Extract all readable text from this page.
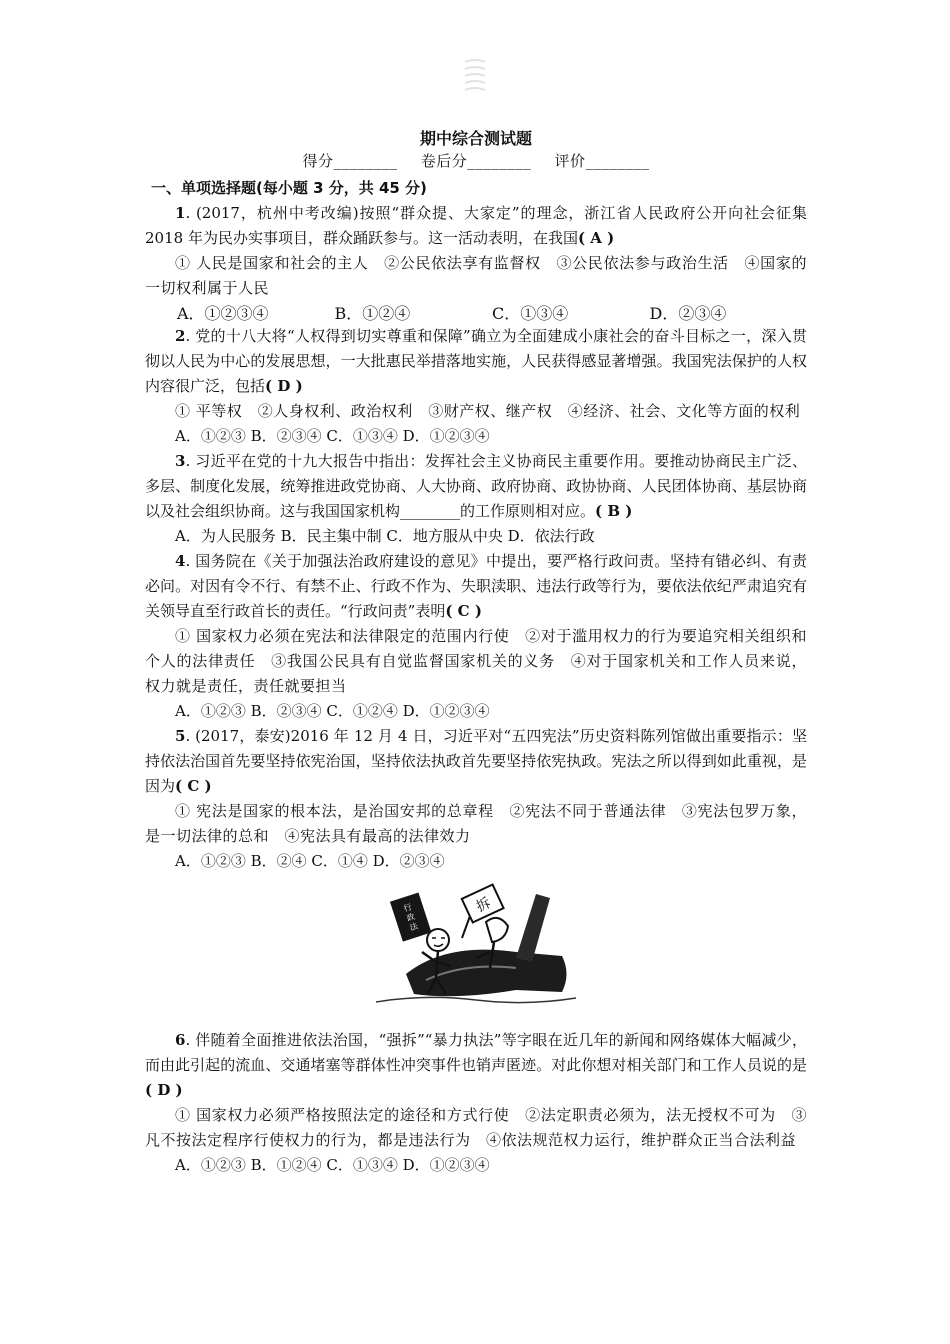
期中综合测试题
得分________ 卷后分________ 评价________
一、单项选择题(每小题 3 分，共 45 分)

1. (2017，杭州中考改编)按照“群众提、大家定”的理念，浙江省人民政府公开向社会征集 2018 年为民办实事项目，群众踊跃参与。这一活动表明，在我国( A )

① 人民是国家和社会的主人　②公民依法享有监督权　③公民依法参与政治生活　④国家的一切权利属于人民

A．①②③④	B．①②④	C．①③④	D．②③④

2. 党的十八大将“人权得到切实尊重和保障”确立为全面建成小康社会的奋斗目标之一，深入贯彻以人民为中心的发展思想，一大批惠民举措落地实施，人民获得感显著增强。我国宪法保护的人权内容很广泛，包括( D )

① 平等权　②人身权利、政治权利　③财产权、继产权　④经济、社会、文化等方面的权利

A．①②③ B．②③④ C．①③④ D．①②③④

3. 习近平在党的十九大报告中指出：发挥社会主义协商民主重要作用。要推动协商民主广泛、多层、制度化发展，统筹推进政党协商、人大协商、政府协商、政协协商、人民团体协商、基层协商以及社会组织协商。这与我国国家机构________的工作原则相对应。( B )

A．为人民服务 B．民主集中制 C．地方服从中央 D．依法行政

4. 国务院在《关于加强法治政府建设的意见》中提出，要严格行政问责。坚持有错必纠、有责必问。对因有令不行、有禁不止、行政不作为、失职渎职、违法行政等行为，要依法依纪严肃追究有关领导直至行政首长的责任。“行政问责”表明( C )

① 国家权力必须在宪法和法律限定的范围内行使　②对于滥用权力的行为要追究相关组织和个人的法律责任　③我国公民具有自觉监督国家机关的义务　④对于国家机关和工作人员来说，权力就是责任，责任就要担当

A．①②③ B．②③④ C．①②④ D．①②③④

5. (2017，泰安)2016 年 12 月 4 日，习近平对“五四宪法”历史资料陈列馆做出重要指示：坚持依法治国首先要坚持依宪治国，坚持依法执政首先要坚持依宪执政。宪法之所以得到如此重视，是因为( C )

① 宪法是国家的根本法，是治国安邦的总章程　②宪法不同于普通法律　③宪法包罗万象，是一切法律的总和　④宪法具有最高的法律效力

A．①②③ B．②④ C．①④ D．②③④

行
政
法
拆

6. 伴随着全面推进依法治国，“强拆”“暴力执法”等字眼在近几年的新闻和网络媒体大幅减少，而由此引起的流血、交通堵塞等群体性冲突事件也销声匿迹。对此你想对相关部门和工作人员说的是( D )

① 国家权力必须严格按照法定的途径和方式行使　②法定职责必须为，法无授权不可为　③凡不按法定程序行使权力的行为，都是违法行为　④依法规范权力运行，维护群众正当合法利益

A．①②③ B．①②④ C．①③④ D．①②③④
